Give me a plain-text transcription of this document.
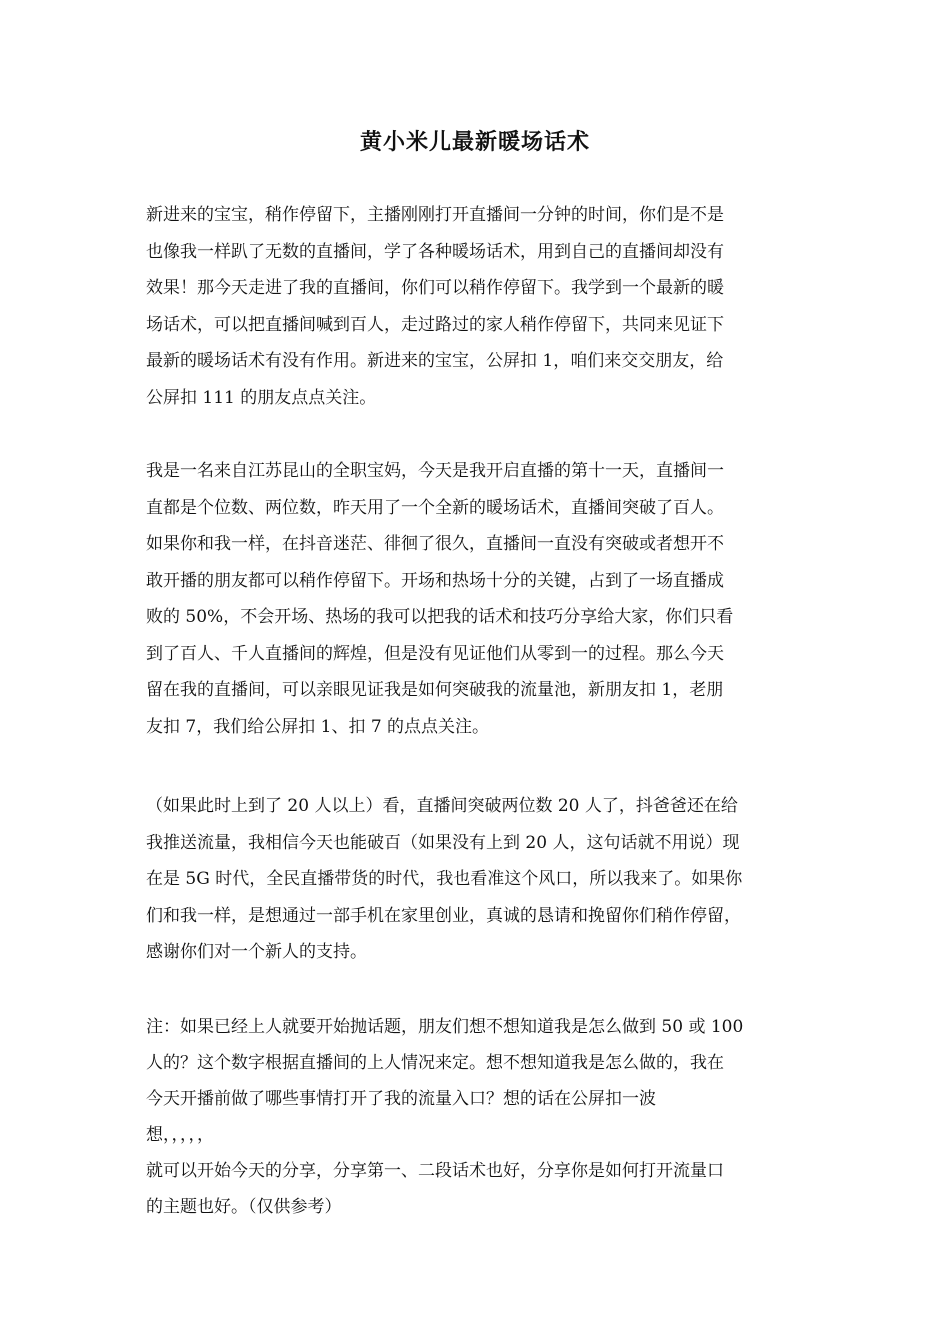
黄小米儿最新暖场话术
新进来的宝宝，稍作停留下，主播刚刚打开直播间一分钟的时间，你们是不是
也像我一样趴了无数的直播间，学了各种暖场话术，用到自己的直播间却没有
效果！那今天走进了我的直播间，你们可以稍作停留下。我学到一个最新的暖
场话术，可以把直播间喊到百人，走过路过的家人稍作停留下，共同来见证下
最新的暖场话术有没有作用。新进来的宝宝，公屏扣 1，咱们来交交朋友，给
公屏扣 111 的朋友点点关注。
我是一名来自江苏昆山的全职宝妈，今天是我开启直播的第十一天，直播间一
直都是个位数、两位数，昨天用了一个全新的暖场话术，直播间突破了百人。
如果你和我一样，在抖音迷茫、徘徊了很久，直播间一直没有突破或者想开不
敢开播的朋友都可以稍作停留下。开场和热场十分的关键，占到了一场直播成
败的 50%，不会开场、热场的我可以把我的话术和技巧分享给大家，你们只看
到了百人、千人直播间的辉煌，但是没有见证他们从零到一的过程。那么今天
留在我的直播间，可以亲眼见证我是如何突破我的流量池，新朋友扣 1，老朋
友扣 7，我们给公屏扣 1、扣 7 的点点关注。
（如果此时上到了 20 人以上）看，直播间突破两位数 20 人了，抖爸爸还在给
我推送流量，我相信今天也能破百（如果没有上到 20 人，这句话就不用说）现
在是 5G 时代，全民直播带货的时代，我也看准这个风口，所以我来了。如果你
们和我一样，是想通过一部手机在家里创业，真诚的恳请和挽留你们稍作停留，
感谢你们对一个新人的支持。
注：如果已经上人就要开始抛话题，朋友们想不想知道我是怎么做到 50 或 100
人的？这个数字根据直播间的上人情况来定。想不想知道我是怎么做的，我在
今天开播前做了哪些事情打开了我的流量入口？想的话在公屏扣一波
想，，，，，
就可以开始今天的分享，分享第一、二段话术也好，分享你是如何打开流量口
的主题也好。（仅供参考）
